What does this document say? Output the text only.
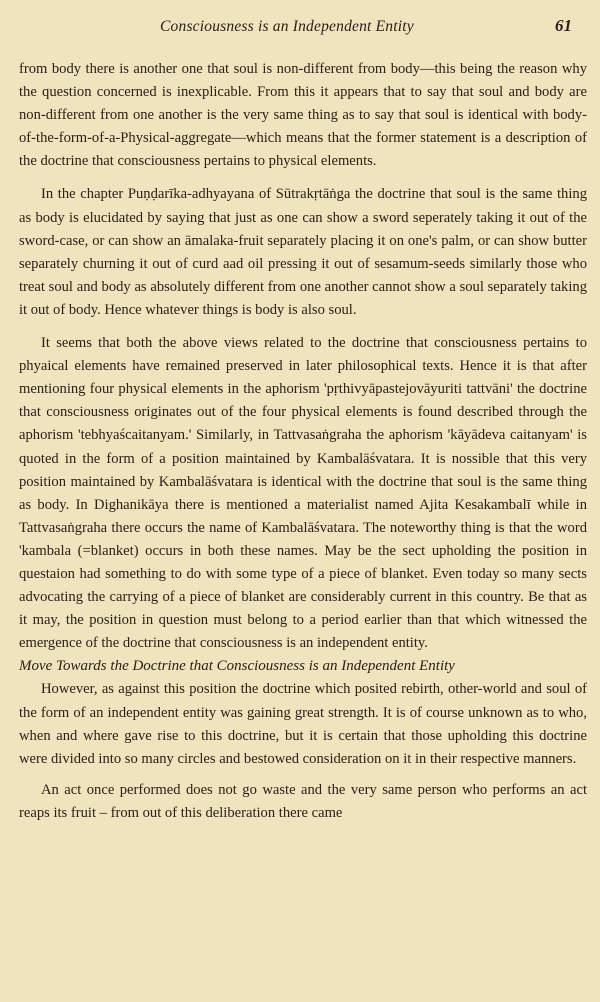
Consciousness is an Independent Entity	61

from body there is another one that soul is non-different from body—this being the reason why the question concerned is inexplicable. From this it appears that to say that soul and body are non-different from one another is the very same thing as to say that soul is identical with body-of-the-form-of-a-Physical-aggregate—which means that the former statement is a description of the doctrine that consciousness pertains to physical elements.

In the chapter Puṇḍarīka-adhyayana of Sūtrakṛtāṅga the doctrine that soul is the same thing as body is elucidated by saying that just as one can show a sword seperately taking it out of the sword-case, or can show an āmalaka-fruit separately placing it on one's palm, or can show butter separately churning it out of curd aad oil pressing it out of sesamum-seeds similarly those who treat soul and body as absolutely different from one another cannot show a soul separately taking it out of body. Hence whatever things is body is also soul.

It seems that both the above views related to the doctrine that consciousness pertains to phyaical elements have remained preserved in later philosophical texts. Hence it is that after mentioning four physical elements in the aphorism 'pṛthivyāpastejovāyuriti tattvāni' the doctrine that consciousness originates out of the four physical elements is found described through the aphorism 'tebhyaścaitanyam.' Similarly, in Tattvasaṅgraha the aphorism 'kāyādeva caitanyam' is quoted in the form of a position maintained by Kambalāśvatara. It is nossible that this very position maintained by Kambalāśvatara is identical with the doctrine that soul is the same thing as body. In Dighanikāya there is mentioned a materialist named Ajita Kesakambalī while in Tattvasaṅgraha there occurs the name of Kambalāśvatara. The noteworthy thing is that the word 'kambala (=blanket) occurs in both these names. May be the sect upholding the position in questaion had something to do with some type of a piece of blanket. Even today so many sects advocating the carrying of a piece of blanket are considerably current in this country. Be that as it may, the position in question must belong to a period earlier than that which witnessed the emergence of the doctrine that consciousness is an independent entity.

Move Towards the Doctrine that Consciousness is an Independent Entity

However, as against this position the doctrine which posited rebirth, other-world and soul of the form of an independent entity was gaining great strength. It is of course unknown as to who, when and where gave rise to this doctrine, but it is certain that those upholding this doctrine were divided into so many circles and bestowed consideration on it in their respective manners.

An act once performed does not go waste and the very same person who performs an act reaps its fruit – from out of this deliberation there came
